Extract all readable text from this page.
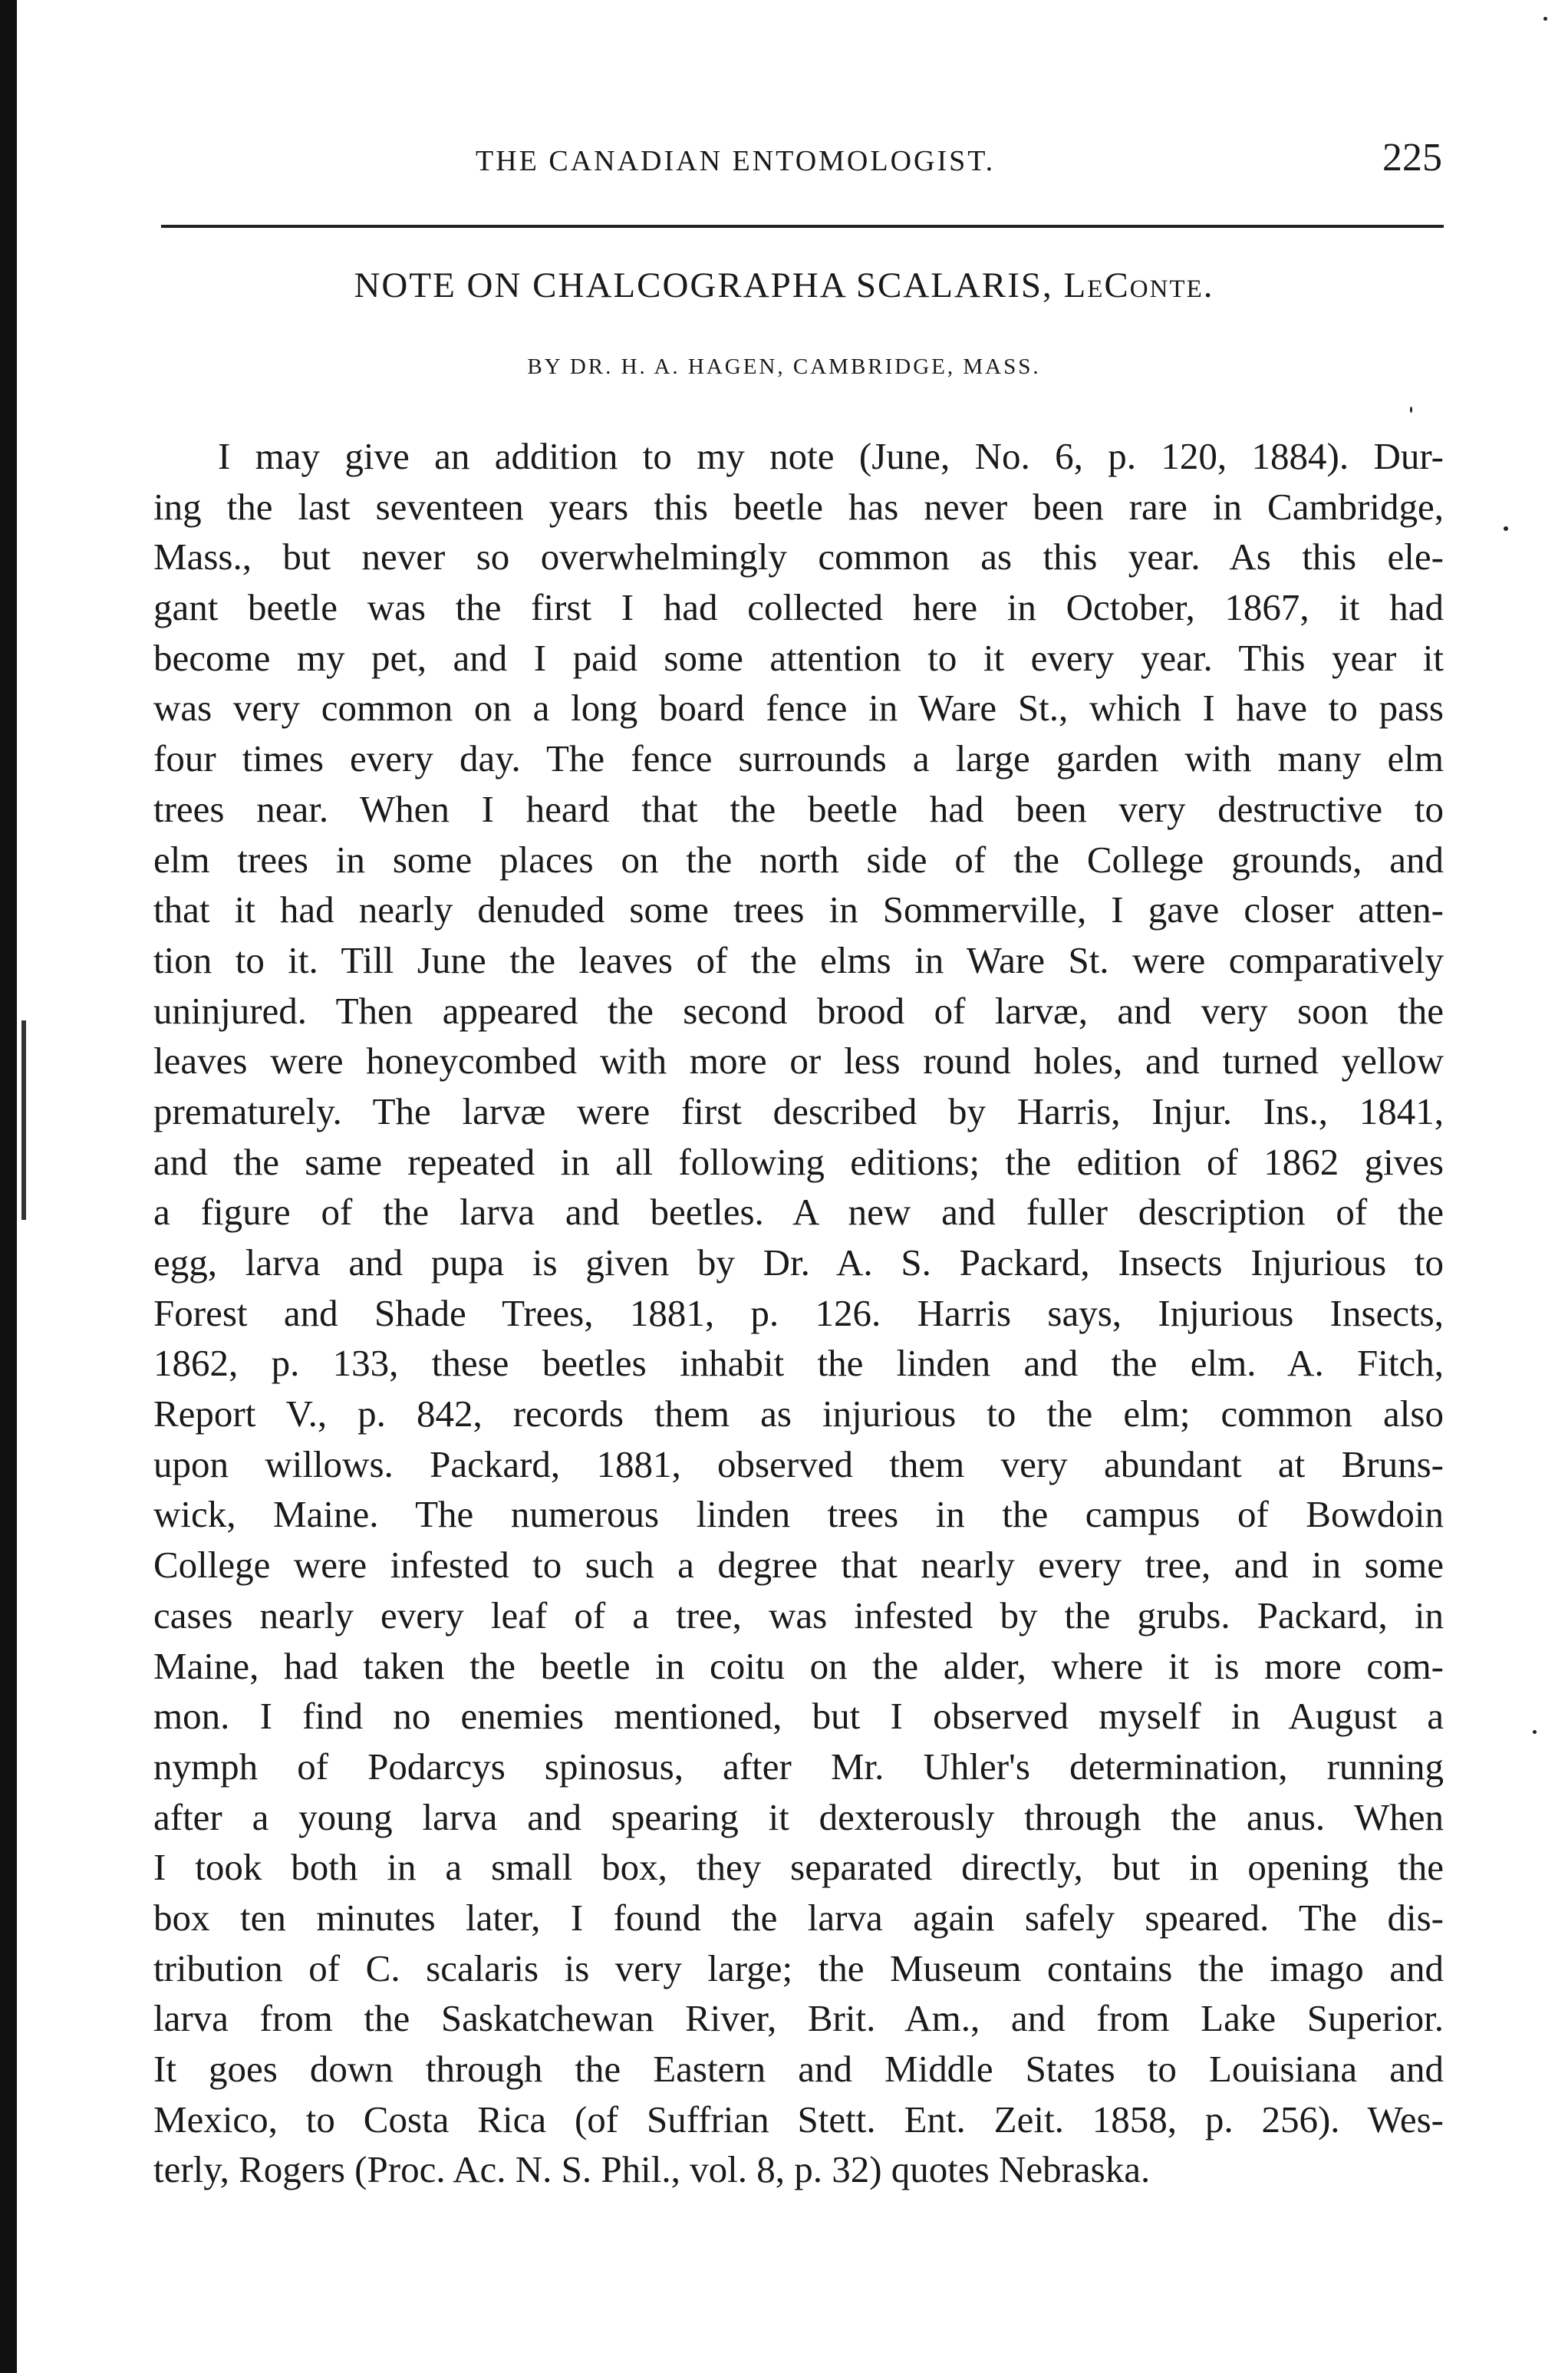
THE CANADIAN ENTOMOLOGIST.	225
NOTE ON CHALCOGRAPHA SCALARIS, LeConte.
BY DR. H. A. HAGEN, CAMBRIDGE, MASS.
I may give an addition to my note (June, No. 6, p. 120, 1884). Dur-
ing the last seventeen years this beetle has never been rare in Cambridge,
Mass., but never so overwhelmingly common as this year. As this ele-
gant beetle was the first I had collected here in October, 1867, it had
become my pet, and I paid some attention to it every year. This year it
was very common on a long board fence in Ware St., which I have to pass
four times every day. The fence surrounds a large garden with many elm
trees near. When I heard that the beetle had been very destructive to
elm trees in some places on the north side of the College grounds, and
that it had nearly denuded some trees in Sommerville, I gave closer atten-
tion to it. Till June the leaves of the elms in Ware St. were comparatively
uninjured. Then appeared the second brood of larvæ, and very soon the
leaves were honeycombed with more or less round holes, and turned yellow
prematurely. The larvæ were first described by Harris, Injur. Ins., 1841,
and the same repeated in all following editions; the edition of 1862 gives
a figure of the larva and beetles. A new and fuller description of the
egg, larva and pupa is given by Dr. A. S. Packard, Insects Injurious to
Forest and Shade Trees, 1881, p. 126. Harris says, Injurious Insects,
1862, p. 133, these beetles inhabit the linden and the elm. A. Fitch,
Report V., p. 842, records them as injurious to the elm; common also
upon willows. Packard, 1881, observed them very abundant at Bruns-
wick, Maine. The numerous linden trees in the campus of Bowdoin
College were infested to such a degree that nearly every tree, and in some
cases nearly every leaf of a tree, was infested by the grubs. Packard, in
Maine, had taken the beetle in coitu on the alder, where it is more com-
mon. I find no enemies mentioned, but I observed myself in August a
nymph of Podarcys spinosus, after Mr. Uhler's determination, running
after a young larva and spearing it dexterously through the anus. When
I took both in a small box, they separated directly, but in opening the
box ten minutes later, I found the larva again safely speared. The dis-
tribution of C. scalaris is very large; the Museum contains the imago and
larva from the Saskatchewan River, Brit. Am., and from Lake Superior.
It goes down through the Eastern and Middle States to Louisiana and
Mexico, to Costa Rica (of Suffrian Stett. Ent. Zeit. 1858, p. 256). Wes-
terly, Rogers (Proc. Ac. N. S. Phil., vol. 8, p. 32) quotes Nebraska.
